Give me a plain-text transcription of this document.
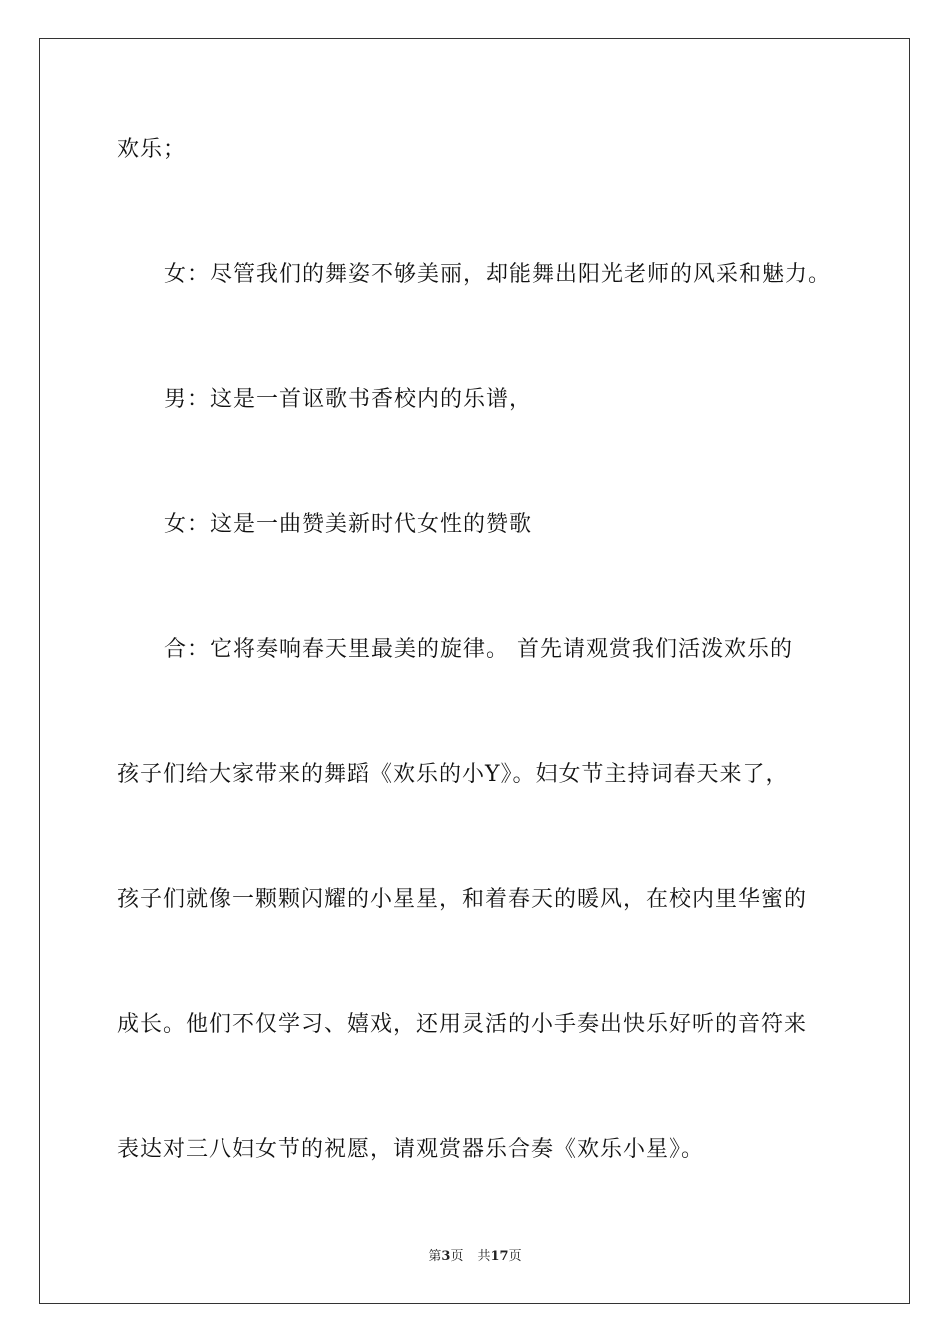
欢乐；

女：尽管我们的舞姿不够美丽，却能舞出阳光老师的风采和魅力。

男：这是一首讴歌书香校内的乐谱，

女：这是一曲赞美新时代女性的赞歌

合：它将奏响春天里最美的旋律。 首先请观赏我们活泼欢乐的

孩子们给大家带来的舞蹈《欢乐的小Y》。妇女节主持词春天来了，

孩子们就像一颗颗闪耀的小星星，和着春天的暖风，在校内里华蜜的

成长。他们不仅学习、嬉戏，还用灵活的小手奏出快乐好听的音符来

表达对三八妇女节的祝愿，请观赏器乐合奏《欢乐小星》。

第3页 共17页
